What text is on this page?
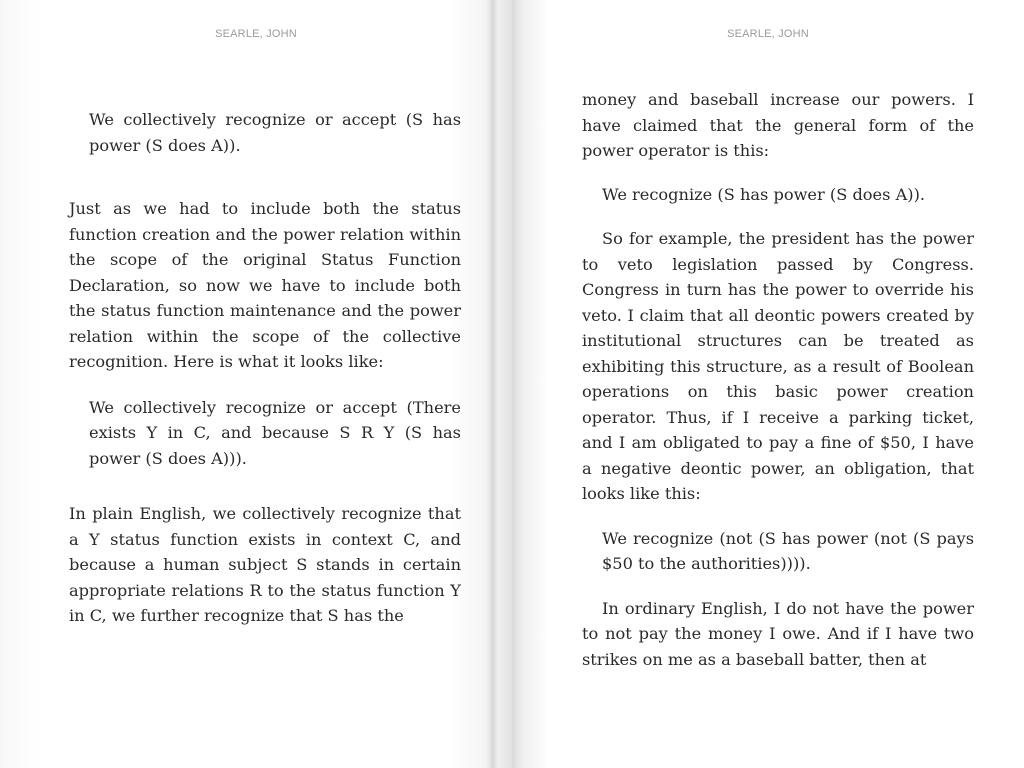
SEARLE, JOHN

We collectively recognize or accept (S has power (S does A)).

Just as we had to include both the status function creation and the power relation within the scope of the original Status Function Declaration, so now we have to include both the status function maintenance and the power relation within the scope of the collective recognition. Here is what it looks like:

We collectively recognize or accept (There exists Y in C, and because S R Y (S has power (S does A))).

In plain English, we collectively recognize that a Y status function exists in context C, and because a human subject S stands in certain appropriate relations R to the status function Y in C, we further recognize that S has the

SEARLE, JOHN

money and baseball increase our powers. I have claimed that the general form of the power operator is this:

We recognize (S has power (S does A)).

So for example, the president has the power to veto legislation passed by Congress. Congress in turn has the power to override his veto. I claim that all deontic powers created by institutional structures can be treated as exhibiting this structure, as a result of Boolean operations on this basic power creation operator. Thus, if I receive a parking ticket, and I am obligated to pay a fine of $50, I have a negative deontic power, an obligation, that looks like this:

We recognize (not (S has power (not (S pays $50 to the authorities)))).

In ordinary English, I do not have the power to not pay the money I owe. And if I have two strikes on me as a baseball batter, then at
